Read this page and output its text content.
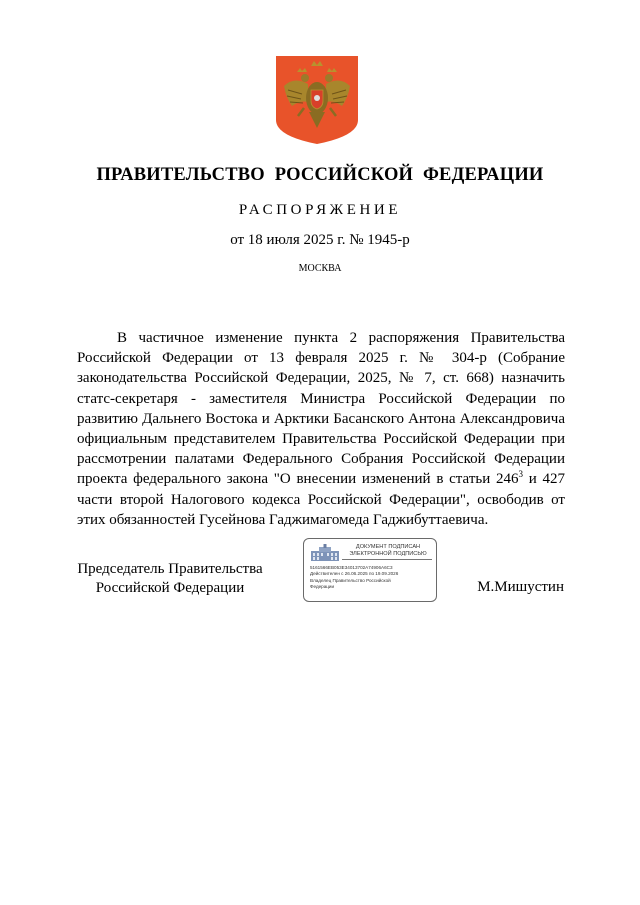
ПРАВИТЕЛЬСТВО РОССИЙСКОЙ ФЕДЕРАЦИИ
РАСПОРЯЖЕНИЕ
от 18 июля 2025 г. № 1945-р
МОСКВА

В частичное изменение пункта 2 распоряжения Правительства Российской Федерации от 13 февраля 2025 г. № 304-р (Собрание законодательства Российской Федерации, 2025, № 7, ст. 668) назначить статс-секретаря - заместителя Министра Российской Федерации по развитию Дальнего Востока и Арктики Басанского Антона Александровича официальным представителем Правительства Российской Федерации при рассмотрении палатами Федерального Собрания Российской Федерации проекта федерального закона "О внесении изменений в статьи $246^3$ и 427 части второй Налогового кодекса Российской Федерации", освободив от этих обязанностей Гусейнова Гаджимагомеда Гаджибуттаевича.

Председатель Правительства
Российской Федерации
ДОКУМЕНТ ПОДПИСАН
ЭЛЕКТРОННОЙ ПОДПИСЬЮ
5161566EB053E34013702A74906A6C3
Действителен с 26.06.2025 по 19.09.2026
Владелец Правительство Российской
Федерации	М.Мишустин
